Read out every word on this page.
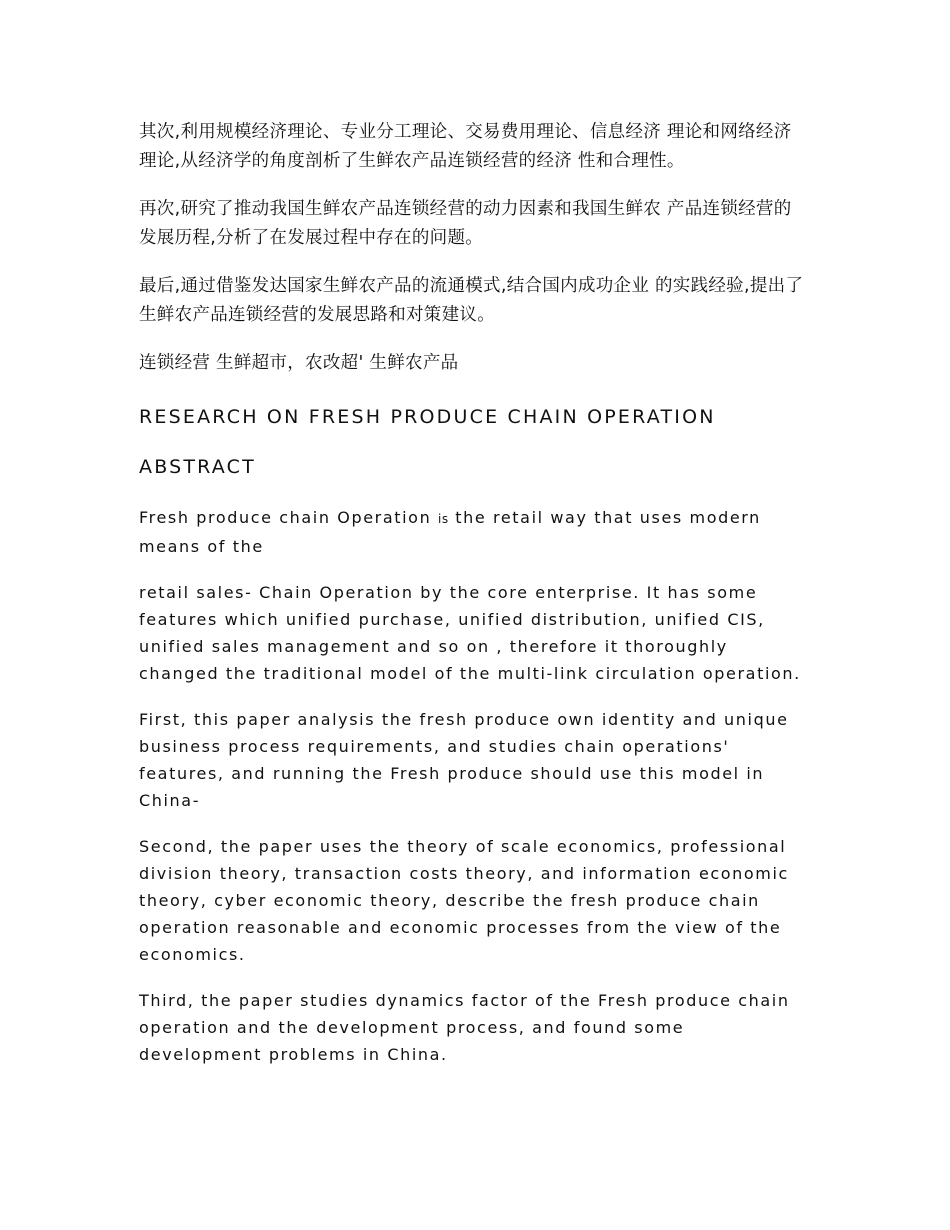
其次,利用规模经济理论、专业分工理论、交易费用理论、信息经济 理论和网络经济理论,从经济学的角度剖析了生鲜农产品连锁经营的经济 性和合理性。

再次,研究了推动我国生鲜农产品连锁经营的动力因素和我国生鲜农 产品连锁经营的发展历程,分析了在发展过程中存在的问题。

最后,通过借鉴发达国家生鲜农产品的流通模式,结合国内成功企业 的实践经验,提出了生鲜农产品连锁经营的发展思路和对策建议。

连锁经营 生鲜超市，农改超' 生鲜农产品

RESEARCH ON FRESH PRODUCE CHAIN OPERATION
ABSTRACT

Fresh produce chain Operation is the retail way that uses modern means of the

retail sales- Chain Operation by the core enterprise. It has some features which unified purchase, unified distribution, unified CIS, unified sales management and so on , therefore it thoroughly changed the traditional model of the multi-link circulation operation.

First, this paper analysis the fresh produce own identity and unique business process requirements, and studies chain operations' features, and running the Fresh produce should use this model in China-

Second, the paper uses the theory of scale economics, professional division theory, transaction costs theory, and information economic theory, cyber economic theory, describe the fresh produce chain operation reasonable and economic processes from the view of the economics.

Third, the paper studies dynamics factor of the Fresh produce chain operation and the development process, and found some development problems in China.
